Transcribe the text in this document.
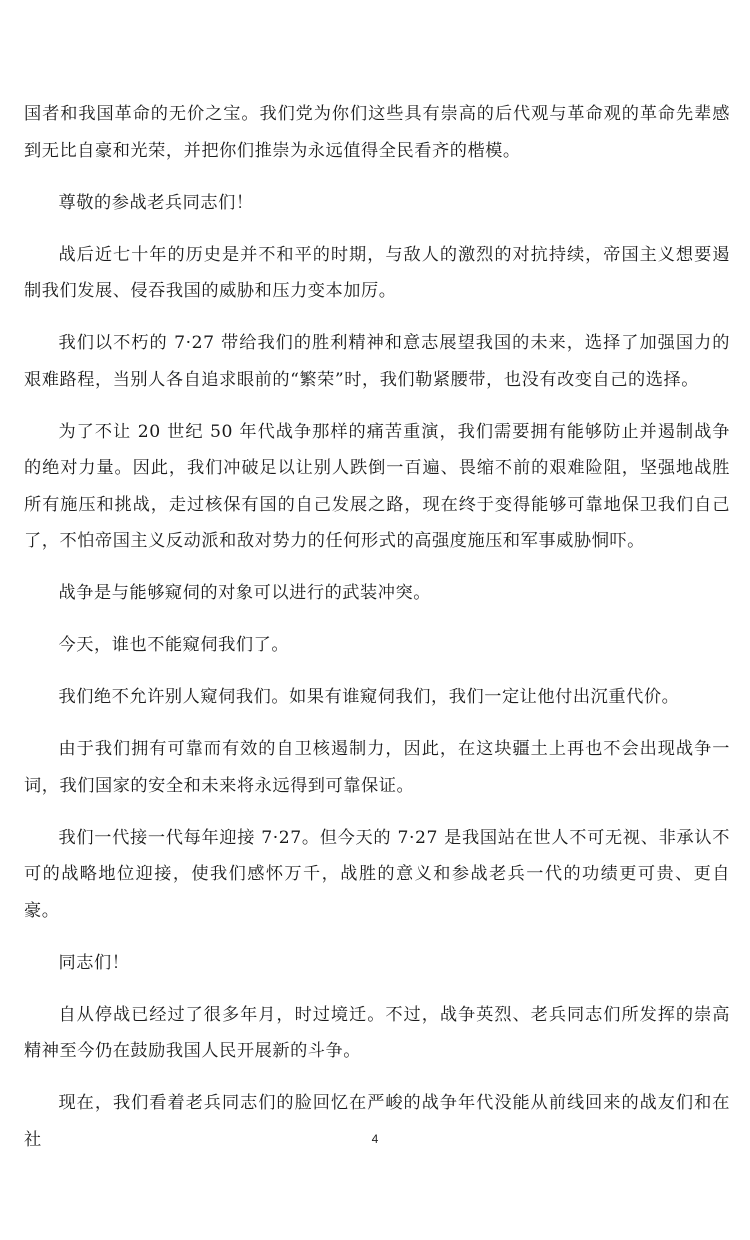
国者和我国革命的无价之宝。我们党为你们这些具有崇高的后代观与革命观的革命先辈感到无比自豪和光荣，并把你们推崇为永远值得全民看齐的楷模。

尊敬的参战老兵同志们！

战后近七十年的历史是并不和平的时期，与敌人的激烈的对抗持续，帝国主义想要遏制我们发展、侵吞我国的威胁和压力变本加厉。

我们以不朽的 7·27 带给我们的胜利精神和意志展望我国的未来，选择了加强国力的艰难路程，当别人各自追求眼前的“繁荣”时，我们勒紧腰带，也没有改变自己的选择。

为了不让 20 世纪 50 年代战争那样的痛苦重演，我们需要拥有能够防止并遏制战争的绝对力量。因此，我们冲破足以让别人跌倒一百遍、畏缩不前的艰难险阻，坚强地战胜所有施压和挑战，走过核保有国的自己发展之路，现在终于变得能够可靠地保卫我们自己了，不怕帝国主义反动派和敌对势力的任何形式的高强度施压和军事威胁恫吓。

战争是与能够窥伺的对象可以进行的武装冲突。

今天，谁也不能窥伺我们了。

我们绝不允许别人窥伺我们。如果有谁窥伺我们，我们一定让他付出沉重代价。

由于我们拥有可靠而有效的自卫核遏制力，因此，在这块疆土上再也不会出现战争一词，我们国家的安全和未来将永远得到可靠保证。

我们一代接一代每年迎接 7·27。但今天的 7·27 是我国站在世人不可无视、非承认不可的战略地位迎接，使我们感怀万千，战胜的意义和参战老兵一代的功绩更可贵、更自豪。

同志们！

自从停战已经过了很多年月，时过境迁。不过，战争英烈、老兵同志们所发挥的崇高精神至今仍在鼓励我国人民开展新的斗争。

现在，我们看着老兵同志们的脸回忆在严峻的战争年代没能从前线回来的战友们和在社	4
